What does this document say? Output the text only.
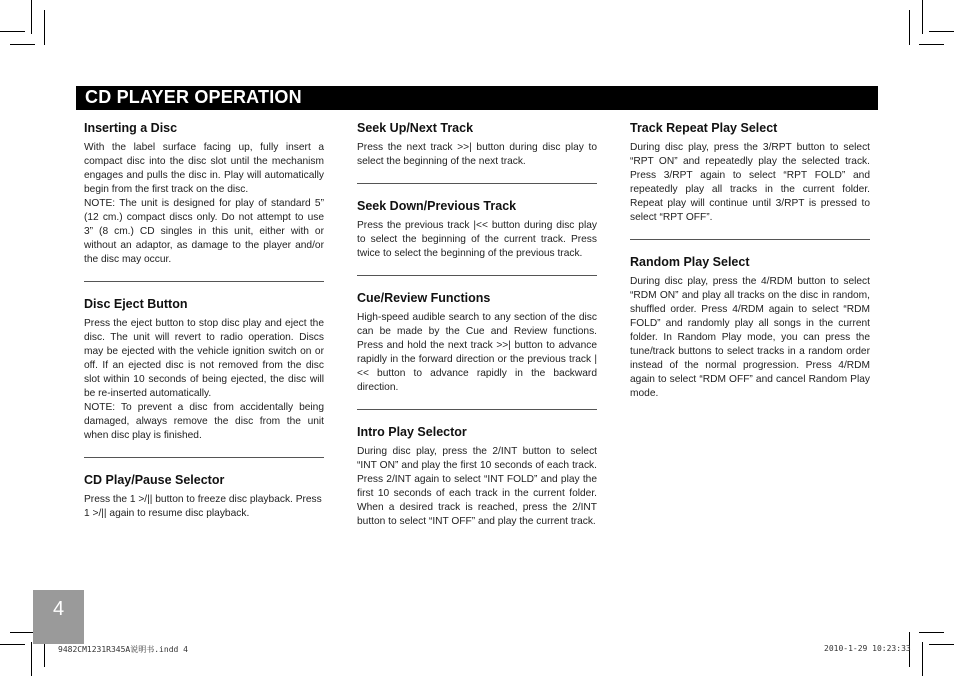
CD PLAYER OPERATION
Inserting a Disc

With the label surface facing up, fully insert a compact disc into the disc slot until the mechanism engages and pulls the disc in. Play will automatically begin from the first track on the disc.

NOTE: The unit is designed for play of standard 5” (12 cm.) compact discs only. Do not attempt to use 3” (8 cm.) CD singles in this unit, either with or without an adaptor, as damage to the player and/or the disc may occur.

Disc Eject Button

Press the eject button to stop disc play and eject the disc. The unit will revert to radio operation. Discs may be ejected with the vehicle ignition switch on or off. If an ejected disc is not removed from the disc slot within 10 seconds of being ejected, the disc will be re-inserted automatically.

NOTE: To prevent a disc from accidentally being damaged, always remove the disc from the unit when disc play is finished.

CD Play/Pause Selector

Press the 1 >/|| button to freeze disc playback. Press 1 >/|| again to resume disc playback.

Seek Up/Next Track

Press the next track >>| button during disc play to select the beginning of the next track.

Seek Down/Previous Track

Press the previous track |<< button during disc play to select the beginning of the current track. Press twice to select the beginning of the previous track.

Cue/Review Functions

High-speed audible search to any section of the disc can be made by the Cue and Review functions. Press and hold the next track >>| button to advance rapidly in the forward direction or the previous track |<< button to advance rapidly in the backward direction.

Intro Play Selector

During disc play, press the 2/INT button to select “INT ON” and play the first 10 seconds of each track. Press 2/INT again to select “INT FOLD” and play the first 10 seconds of each track in the current folder. When a desired track is reached, press the 2/INT button to select “INT OFF” and play the current track.

Track Repeat Play Select

During disc play, press the 3/RPT button to select “RPT ON” and repeatedly play the selected track. Press 3/RPT again to select “RPT FOLD” and repeatedly play all tracks in the current folder. Repeat play will continue until 3/RPT is pressed to select “RPT OFF”.

Random Play Select

During disc play, press the 4/RDM button to select “RDM ON” and play all tracks on the disc in random, shuffled order. Press 4/RDM again to select “RDM FOLD” and randomly play all songs in the current folder. In Random Play mode, you can press the tune/track buttons to select tracks in a random order instead of the normal progression. Press 4/RDM again to select “RDM OFF” and cancel Random Play mode.

4
9482CM1231R345A说明书.indd 4	2010-1-29 10:23:33
